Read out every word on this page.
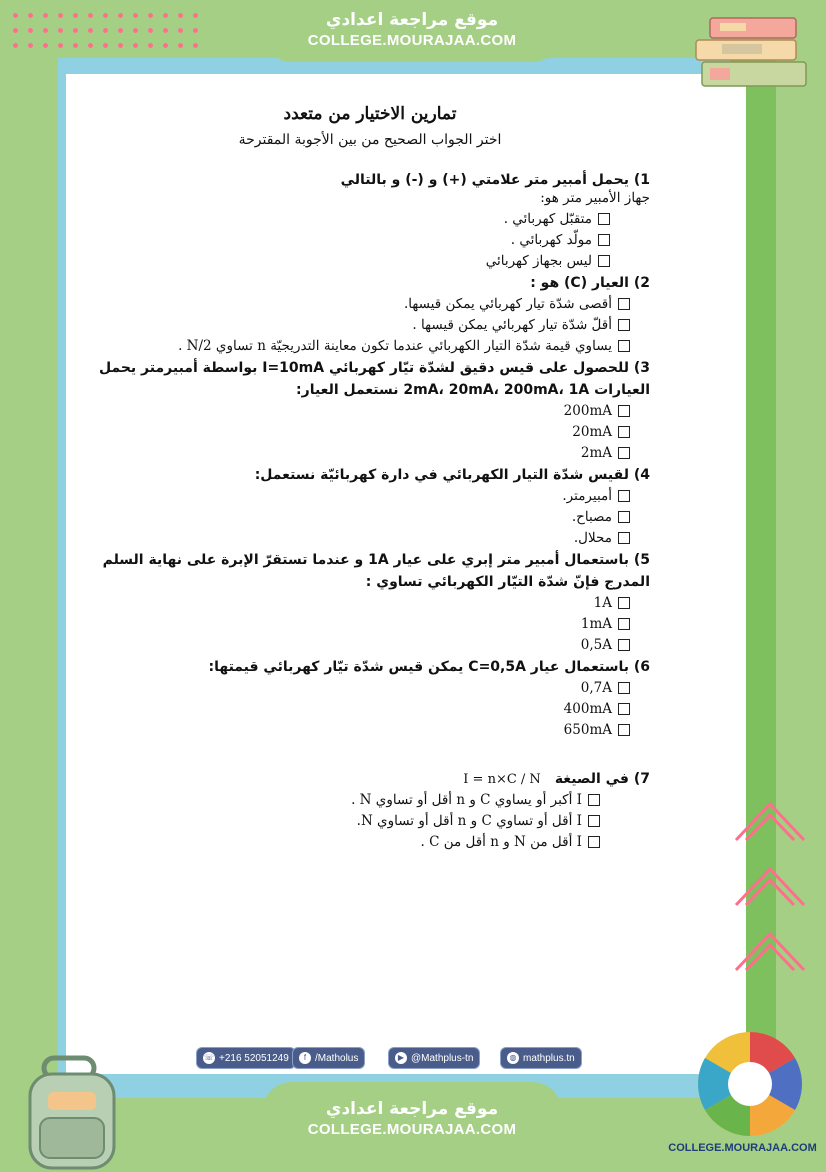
موقع مراجعة اعدادي
COLLEGE.MOURAJAA.COM
تمارين الاختيار من متعدد
اختر الجواب الصحيح من بين الأجوبة المقترحة
1) يحمل أمبير متر علامتي (+) و (-) و بالتالي
جهاز الأمبير متر هو:
متقبّل كهربائي .
مولّد كهربائي .
ليس بجهاز كهربائي
2) العيار (C) هو :
أقصى شدّة تيار كهربائي يمكن قيسها.
أقلّ شدّة تيار كهربائي يمكن قيسها .
يساوي قيمة شدّة التيار الكهربائي عندما تكون معاينة التدريجيّة n تساوي N/2 .
3) للحصول على قيس دقيق لشدّة تيّار كهربائي I=10mA بواسطة أمبيرمتر يحمل
العيارات 2mA، 20mA، 200mA، 1A نستعمل العيار:
200mA
20mA
2mA
4) لقيس شدّة التيار الكهربائي في دارة كهربائيّة نستعمل:
أمبيرمتر.
مصباح.
محلال.
5) باستعمال أمبير متر إبري على عيار 1A و عندما تستقرّ الإبرة على نهاية السلم
المدرج فإنّ شدّة التيّار الكهربائي تساوي :
1A
1mA
0,5A
6) باستعمال عيار C=0,5A يمكن قيس شدّة تيّار كهربائي قيمتها:
0,7A
400mA
650mA
7) في الصيغة
I = n×C / N
I أكبر أو يساوي C و n أقل أو تساوي N .
I أقل أو تساوي C و n أقل أو تساوي N.
I أقل من N و n أقل من C .
☏ +216 52051249	f /Matholus	▶ @Mathplus-tn	◍ mathplus.tn
موقع مراجعة اعدادي
COLLEGE.MOURAJAA.COM
COLLEGE.MOURAJAA.COM
